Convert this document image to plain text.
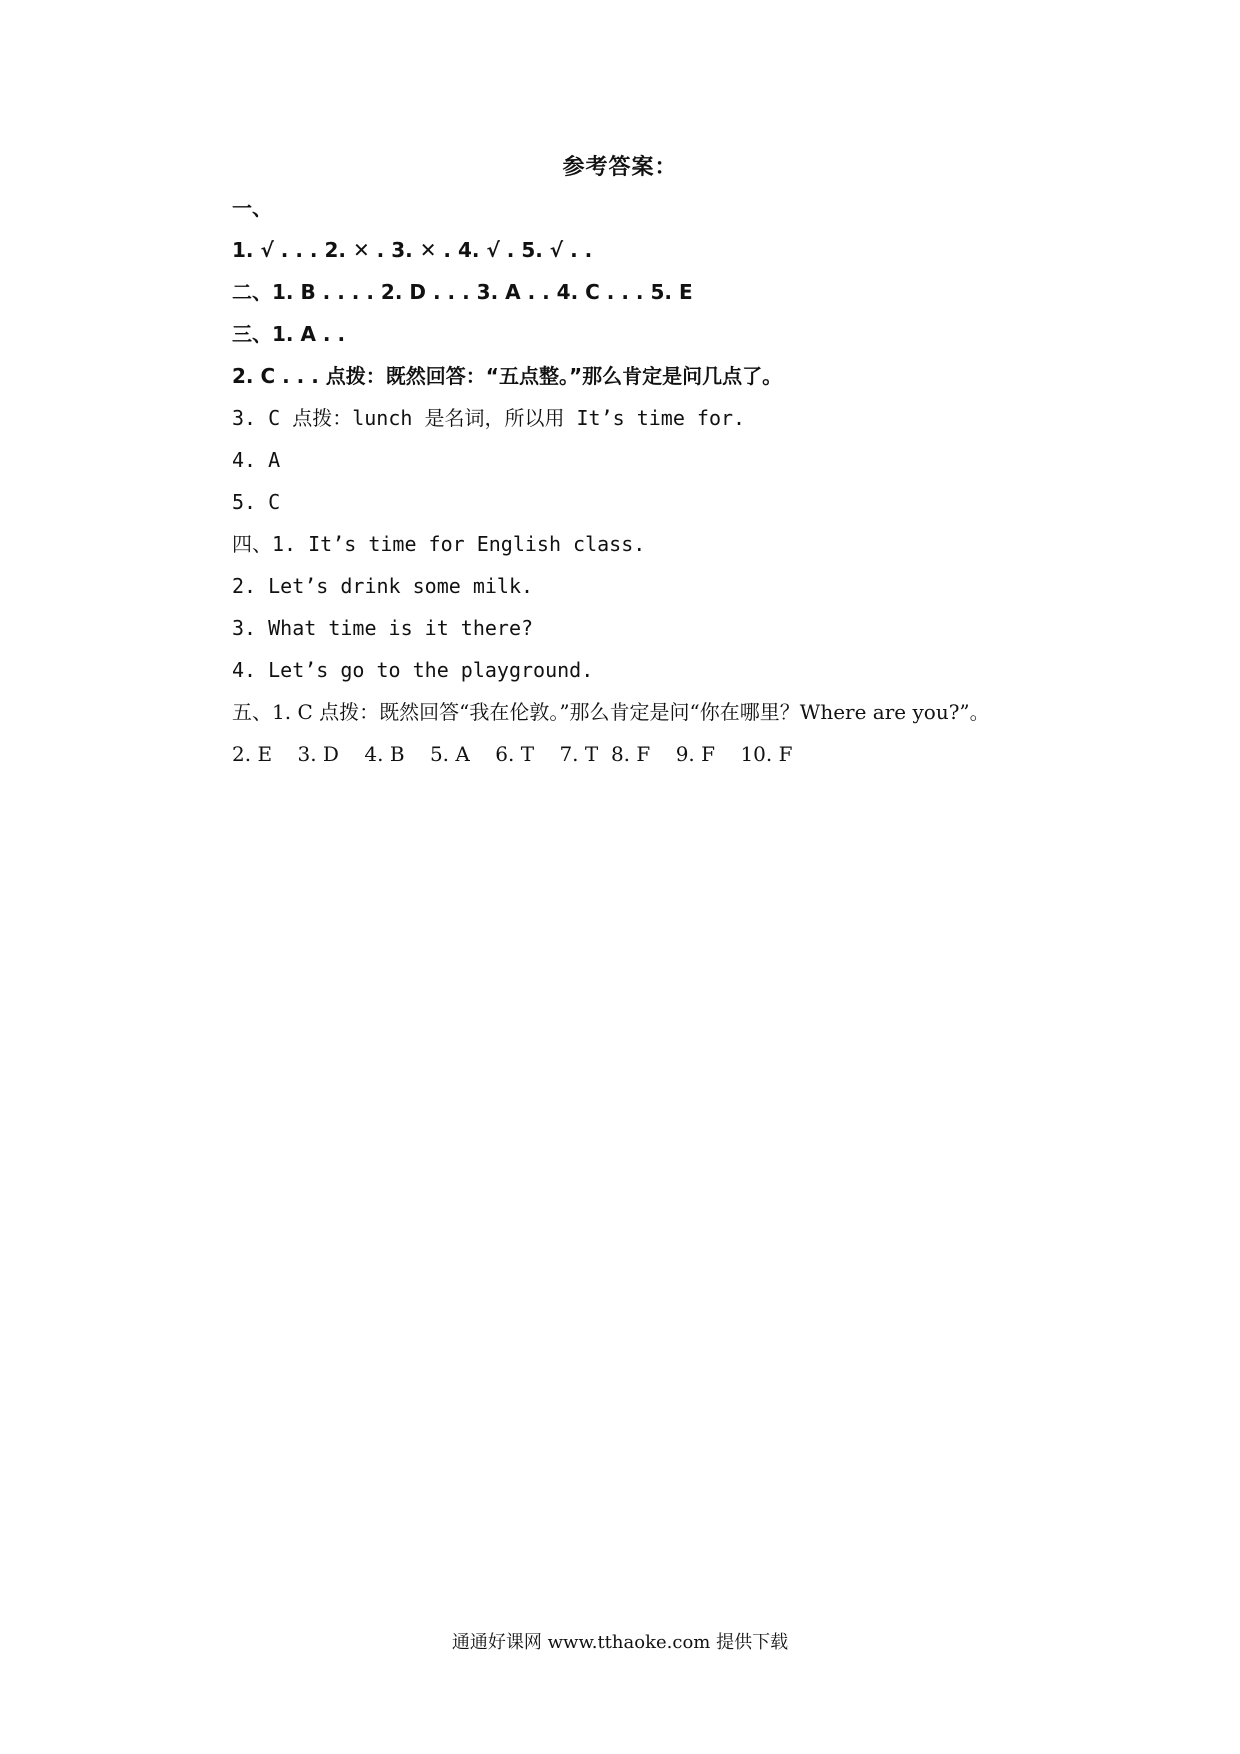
参考答案：
一、
1. √ . . . 2. ✕ . 3. ✕ . 4. √ . 5. √ . .
二、1. B . . . . 2. D . . . 3. A . . 4. C . . . 5. E
三、1. A . .
2. C . . . 点拨：既然回答：“五点整。”那么肯定是问几点了。
3. C 点拨：lunch 是名词，所以用 It’s time for.
4. A
5. C
四、1. It’s time for English class.
2. Let’s drink some milk.
3. What time is it there?
4. Let’s go to the playground.
五、1. C 点拨：既然回答“我在伦敦。”那么肯定是问“你在哪里？Where are you?”。
2. E    3. D    4. B    5. A    6. T    7. T  8. F    9. F    10. F
通通好课网 www.tthaoke.com 提供下载
